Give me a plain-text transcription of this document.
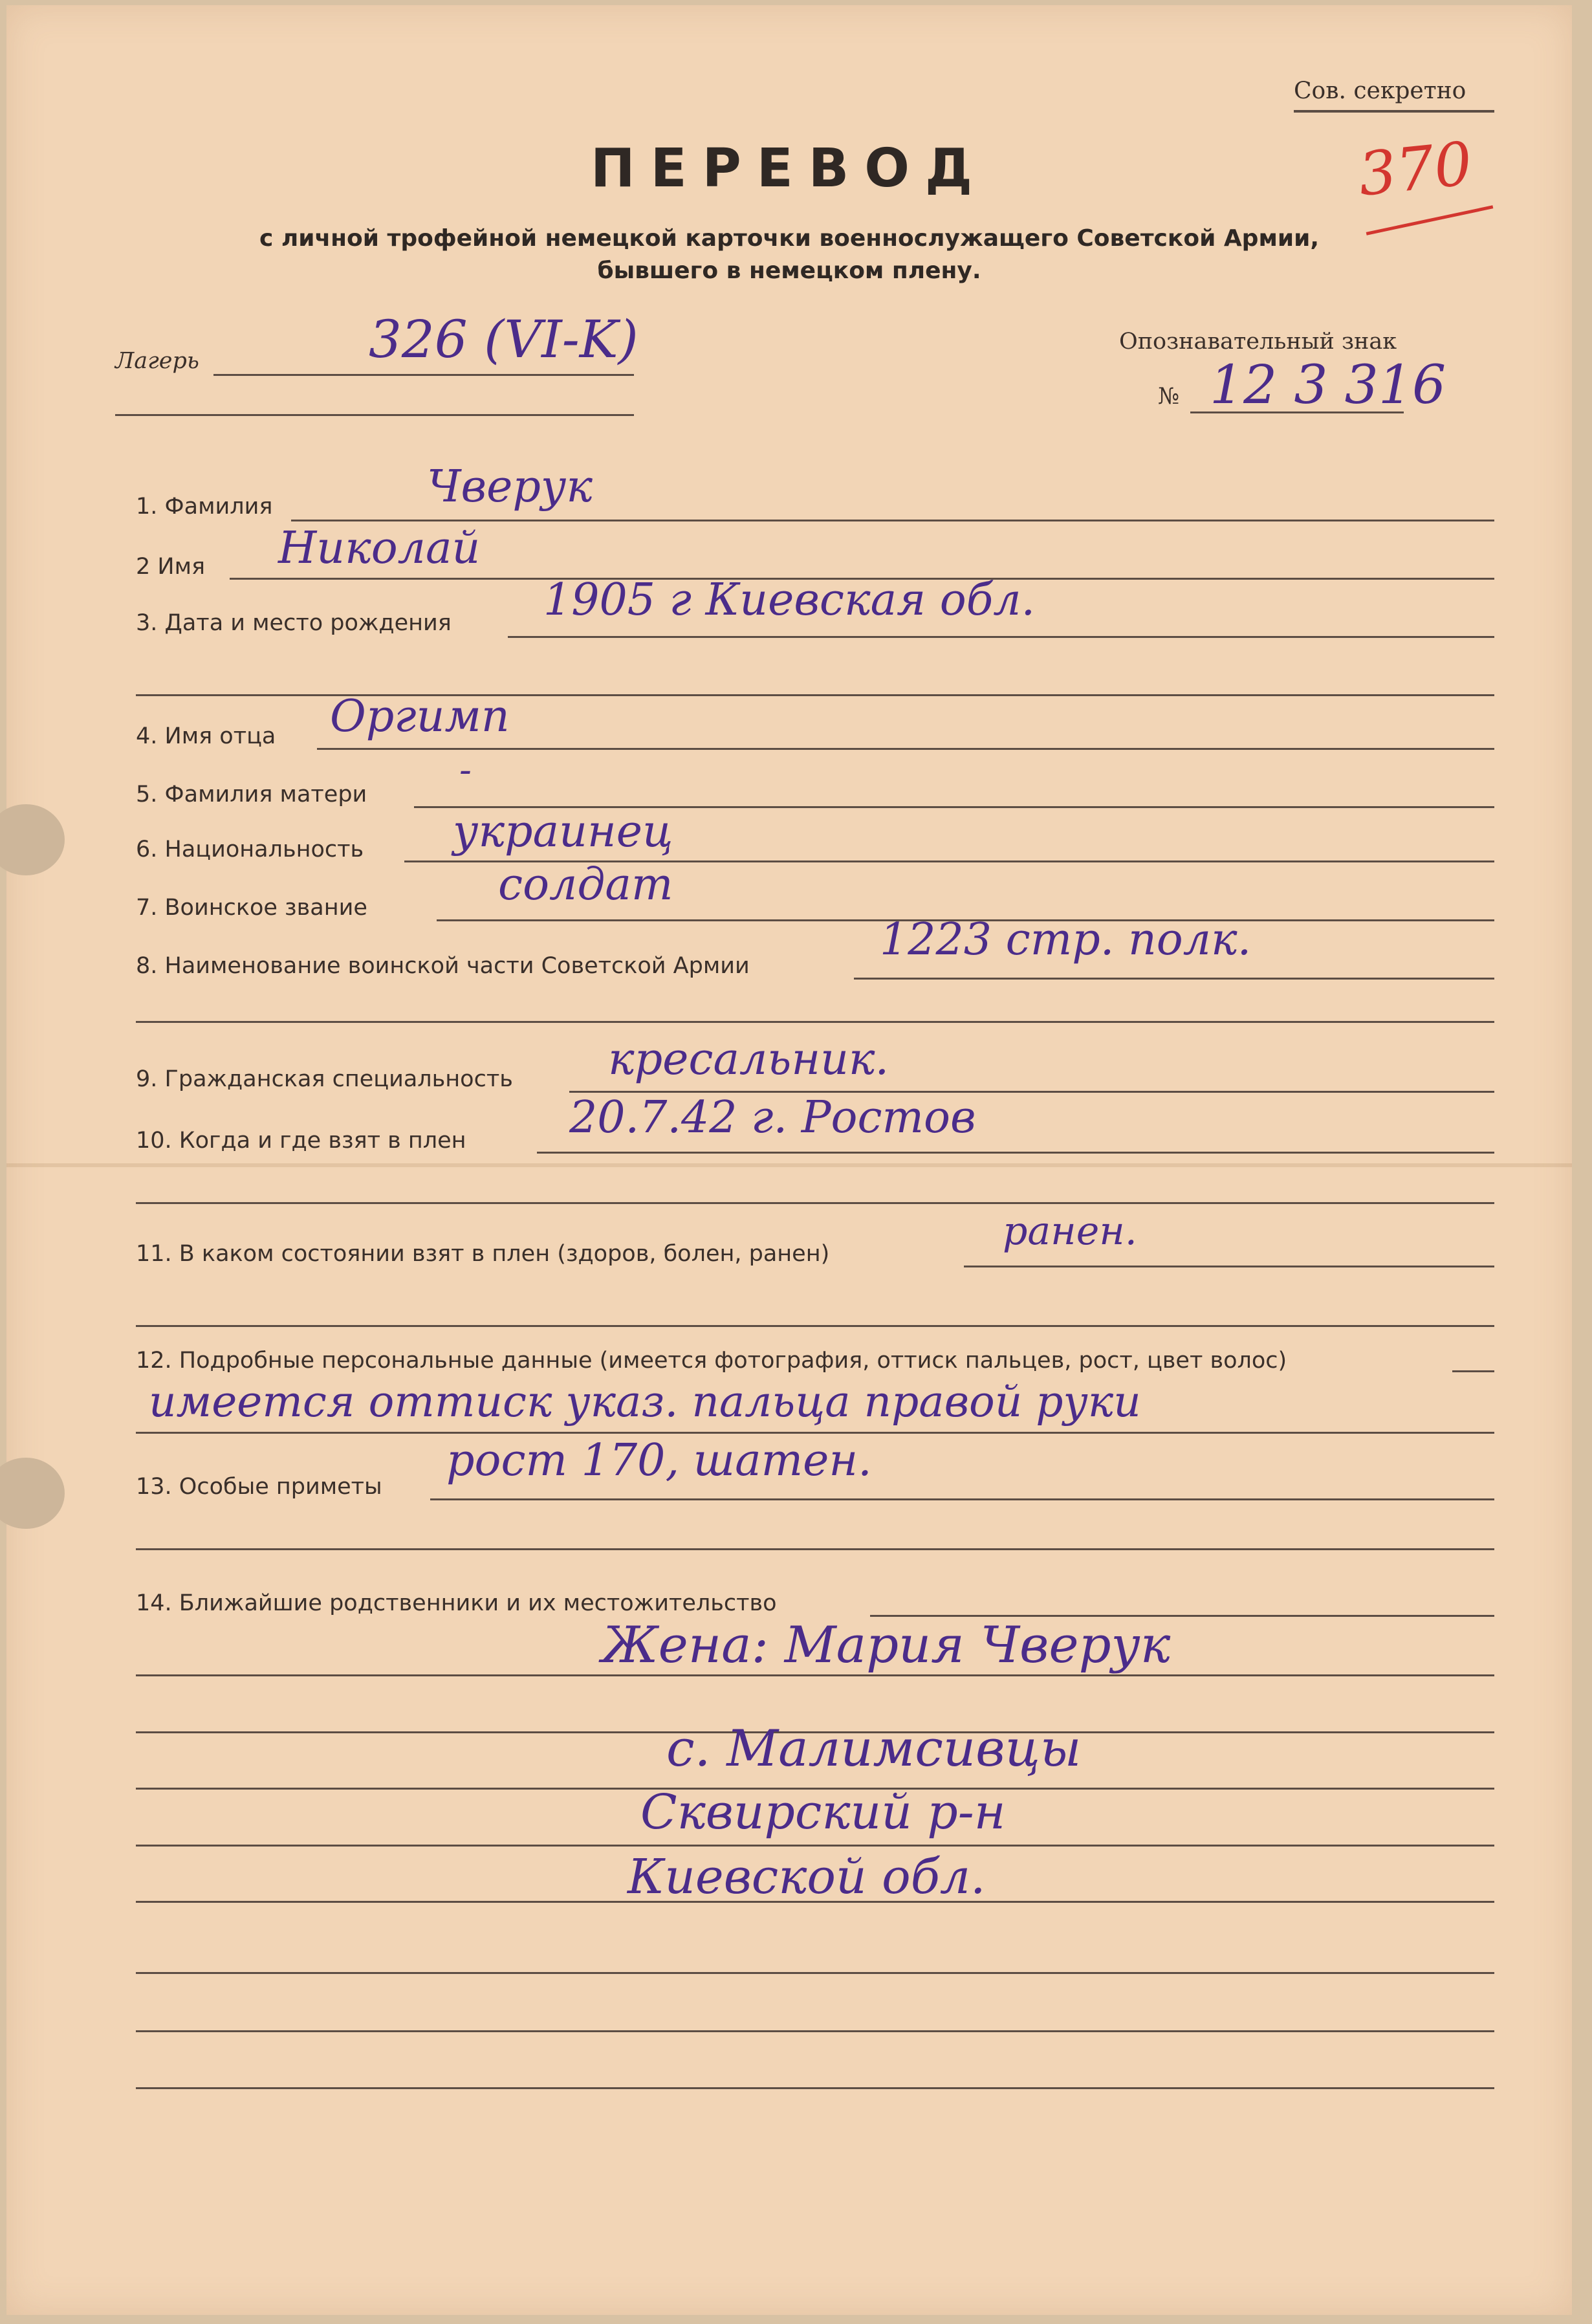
Сов. секретно
370
ПЕРЕВОД
с личной трофейной немецкой карточки военнослужащего Советской Армии,
бывшего в немецком плену.
Лагерь	326 (VI-K)	Опознавательный знак
№ 12 3 316
1. Фамилия	Чверук
2 Имя Николай
3. Дата и место рождения 1905 г Киевская обл.
4. Имя отца Оргимп
5. Фамилия матери
-
6. Национальность украинец
7. Воинское звание	солдат
8. Наименование воинской части Советской Армии
1223 стр. полк.
9. Гражданская специальность кресальник.
10. Когда и где взят в плен 20.7.42 г. Ростов
11. В каком состоянии взят в плен (здоров, болен, ранен)	ранен.
12. Подробные персональные данные (имеется фотография, оттиск пальцев, рост, цвет волос)
имеется оттиск указ. пальца правой руки
13. Особые приметы
рост 170, шатен.
14. Ближайшие родственники и их местожительство
Жена: Мария Чверук
с. Малимсивцы
Сквирский р-н
Киевской обл.
